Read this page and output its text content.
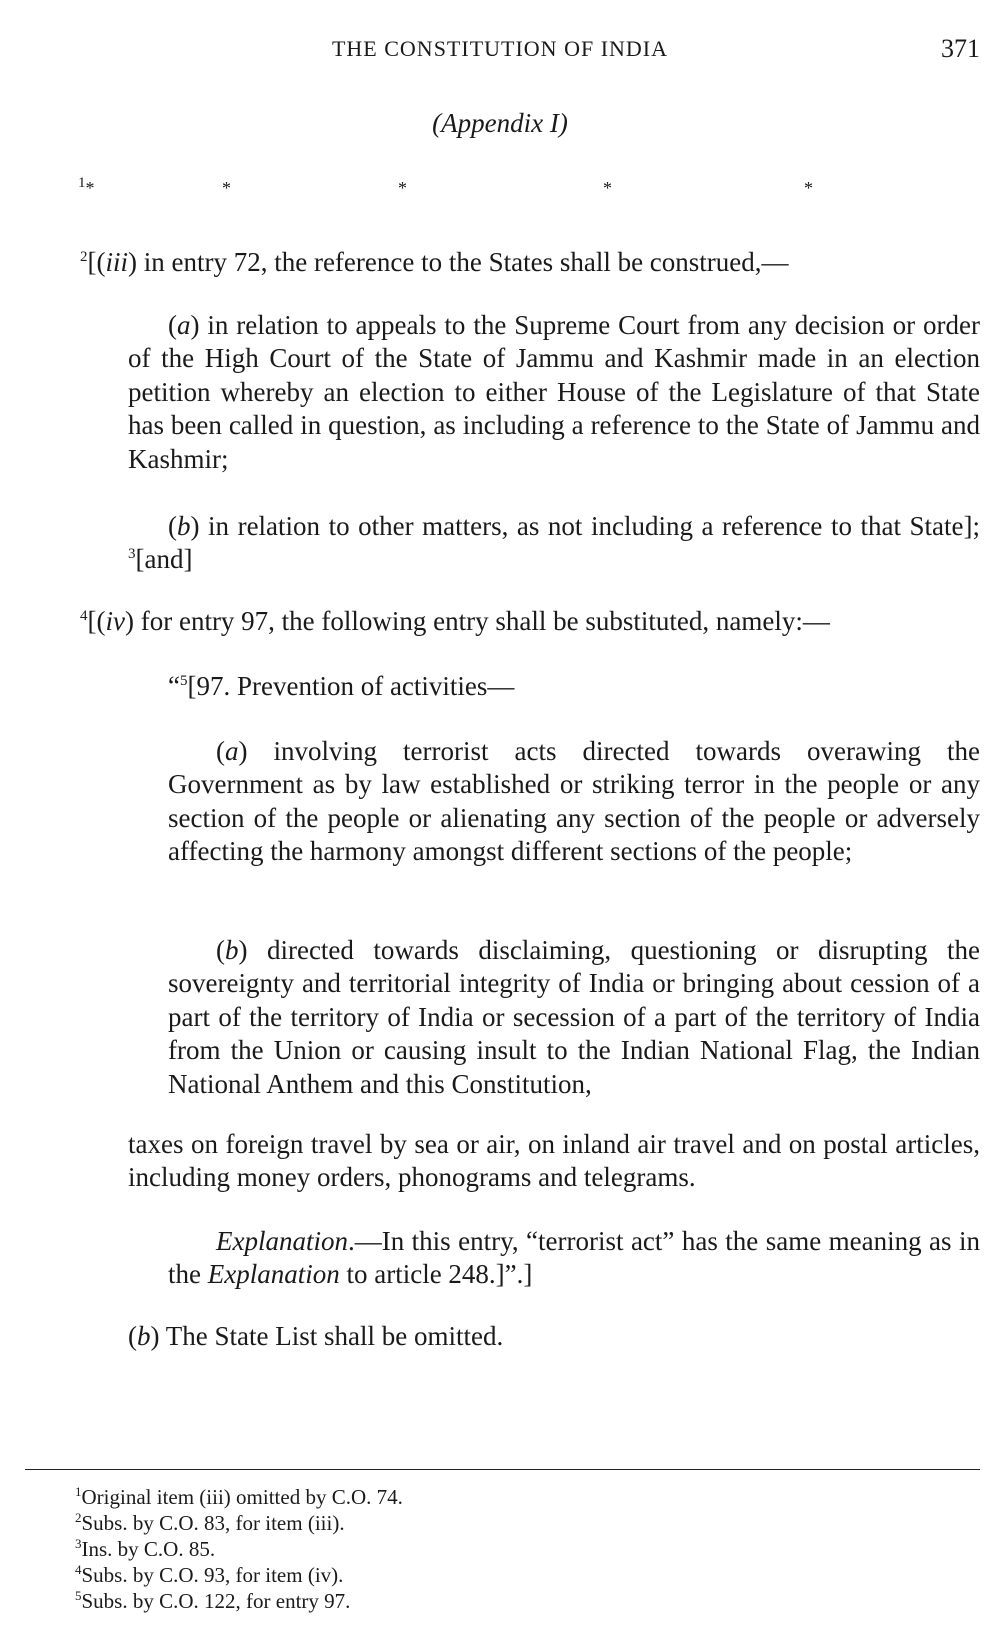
THE CONSTITUTION OF INDIA	371
(Appendix I)
$^1$*	*	*	*	*

$^2$[(iii) in entry 72, the reference to the States shall be construed,—

(a) in relation to appeals to the Supreme Court from any decision or order of the High Court of the State of Jammu and Kashmir made in an election petition whereby an election to either House of the Legislature of that State has been called in question, as including a reference to the State of Jammu and Kashmir;

(b) in relation to other matters, as not including a reference to that State]; $^3$[and]

$^4$[(iv) for entry 97, the following entry shall be substituted, namely:—

“$^5$[97. Prevention of activities—

(a) involving terrorist acts directed towards overawing the Government as by law established or striking terror in the people or any section of the people or alienating any section of the people or adversely affecting the harmony amongst different sections of the people;

(b) directed towards disclaiming, questioning or disrupting the sovereignty and territorial integrity of India or bringing about cession of a part of the territory of India or secession of a part of the territory of India from the Union or causing insult to the Indian National Flag, the Indian National Anthem and this Constitution,

taxes on foreign travel by sea or air, on inland air travel and on postal articles, including money orders, phonograms and telegrams.

Explanation.—In this entry, “terrorist act” has the same meaning as in the Explanation to article 248.]”.]

(b) The State List shall be omitted.

$^1$Original item (iii) omitted by C.O. 74.

$^2$Subs. by C.O. 83, for item (iii).

$^3$Ins. by C.O. 85.

$^4$Subs. by C.O. 93, for item (iv).

$^5$Subs. by C.O. 122, for entry 97.
